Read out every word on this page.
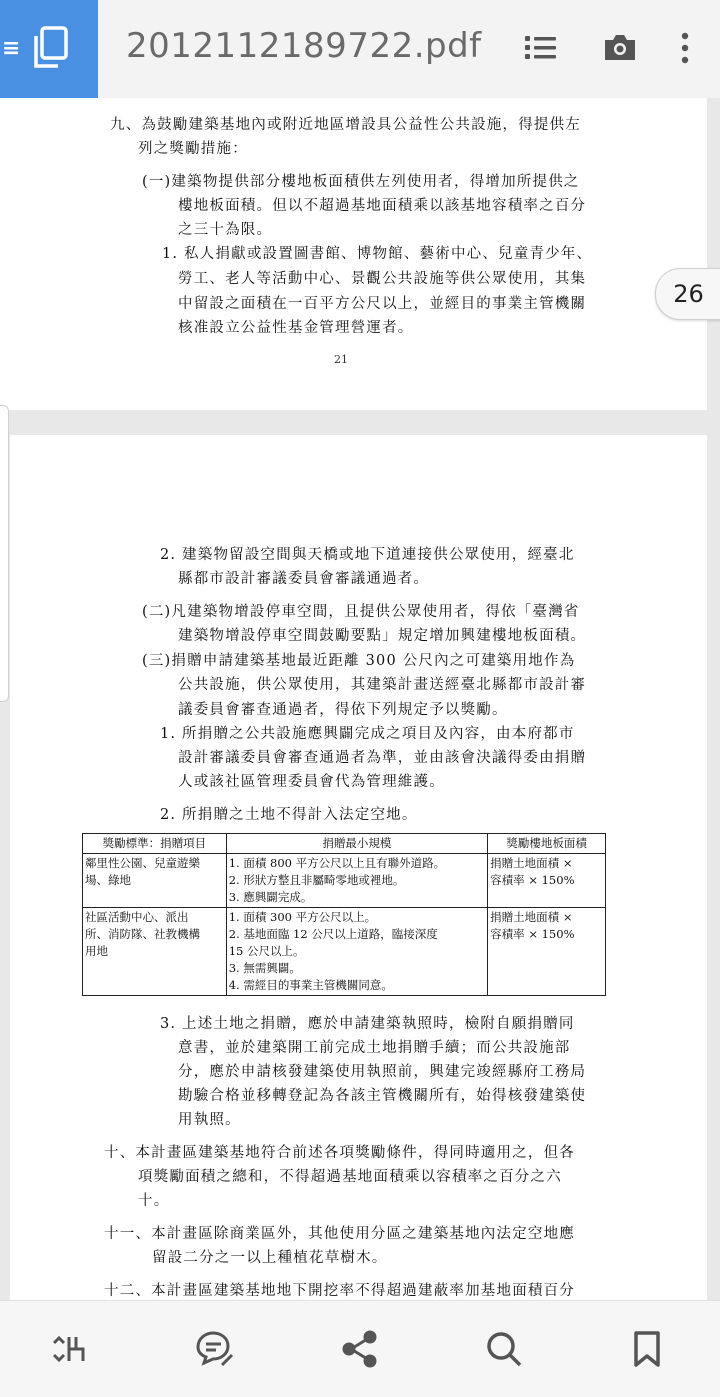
≡	201211218972​2.pdf
九、為鼓勵建築基地內或附近地區增設具公益性公共設施，得提供左
列之獎勵措施：
(一)建築物提供部分樓地板面積供左列使用者，得增加所提供之
樓地板面積。但以不超過基地面積乘以該基地容積率之百分
之三十為限。
1. 私人捐獻或設置圖書館、博物館、藝術中心、兒童青少年、
勞工、老人等活動中心、景觀公共設施等供公眾使用，其集
中留設之面積在一百平方公尺以上，並經目的事業主管機關
核准設立公益性基金管理營運者。
21
26
2. 建築物留設空間與天橋或地下道連接供公眾使用，經臺北
縣都市設計審議委員會審議通過者。
(二)凡建築物增設停車空間，且提供公眾使用者，得依「臺灣省
建築物增設停車空間鼓勵要點」規定增加興建樓地板面積。
(三)捐贈申請建築基地最近距離 300 公尺內之可建築用地作為
公共設施，供公眾使用，其建築計畫送經臺北縣都市設計審
議委員會審查通過者，得依下列規定予以獎勵。
1. 所捐贈之公共設施應興闢完成之項目及內容，由本府都市
設計審議委員會審查通過者為準，並由該會決議得委由捐贈
人或該社區管理委員會代為管理維護。
2. 所捐贈之土地不得計入法定空地。
獎勵標準：捐贈項目	捐贈最小規模	獎勵樓地板面積
鄰里性公園、兒童遊樂
場、綠地	1. 面積 800 平方公尺以上且有聯外道路。
2. 形狀方整且非屬畸零地或裡地。
3. 應興闢完成。	捐贈土地面積 ×
容積率 × 150%
社區活動中心、派出
所、消防隊、社教機構
用地	1. 面積 300 平方公尺以上。
2. 基地面臨 12 公尺以上道路，臨接深度
15 公尺以上。
3. 無需興闢。
4. 需經目的事業主管機關同意。	捐贈土地面積 ×
容積率 × 150%
3. 上述土地之捐贈，應於申請建築執照時，檢附自願捐贈同
意書，並於建築開工前完成土地捐贈手續；而公共設施部
分，應於申請核發建築使用執照前，興建完竣經縣府工務局
勘驗合格並移轉登記為各該主管機關所有，始得核發建築使
用執照。
十、本計畫區建築基地符合前述各項獎勵條件，得同時適用之，但各
項獎勵面積之總和，不得超過基地面積乘以容積率之百分之六
十。
十一、本計畫區除商業區外，其他使用分區之建築基地內法定空地應
留設二分之一以上種植花草樹木。
十二、本計畫區建築基地地下開挖率不得超過建蔽率加基地面積百分
